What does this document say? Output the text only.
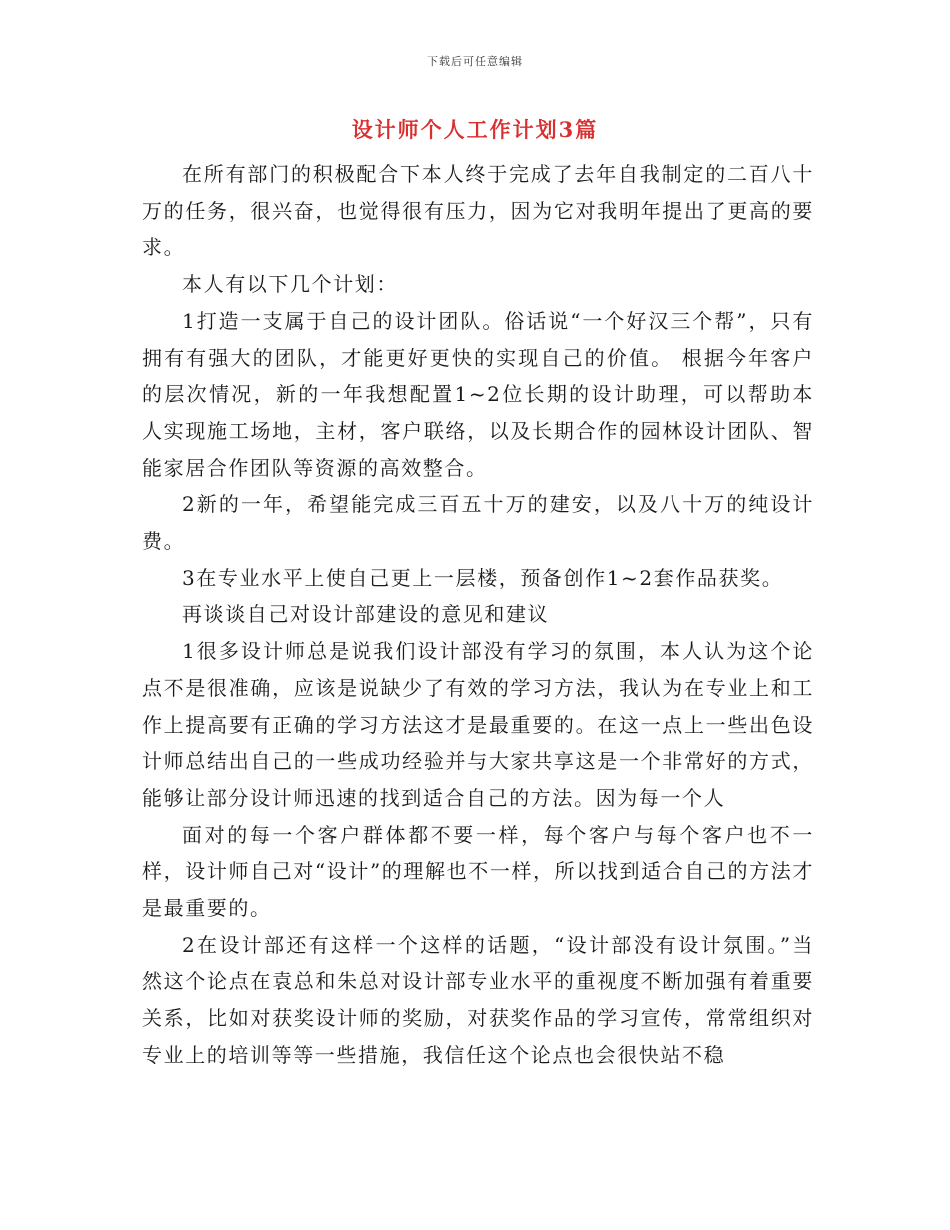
下载后可任意编辑
设计师个人工作计划3篇

在所有部门的积极配合下本人终于完成了去年自我制定的二百八十万的任务，很兴奋，也觉得很有压力，因为它对我明年提出了更高的要求。

本人有以下几个计划：

1打造一支属于自己的设计团队。俗话说“一个好汉三个帮”，只有拥有有强大的团队，才能更好更快的实现自己的价值。 根据今年客户的层次情况，新的一年我想配置1~2位长期的设计助理，可以帮助本人实现施工场地，主材，客户联络，以及长期合作的园林设计团队、智能家居合作团队等资源的高效整合。

2新的一年，希望能完成三百五十万的建安，以及八十万的纯设计费。

3在专业水平上使自己更上一层楼，预备创作1~2套作品获奖。

再谈谈自己对设计部建设的意见和建议

1很多设计师总是说我们设计部没有学习的氛围，本人认为这个论点不是很准确，应该是说缺少了有效的学习方法，我认为在专业上和工作上提高要有正确的学习方法这才是最重要的。在这一点上一些出色设计师总结出自己的一些成功经验并与大家共享这是一个非常好的方式，能够让部分设计师迅速的找到适合自己的方法。因为每一个人

面对的每一个客户群体都不要一样，每个客户与每个客户也不一样，设计师自己对“设计”的理解也不一样，所以找到适合自己的方法才是最重要的。

2在设计部还有这样一个这样的话题，“设计部没有设计氛围。”当然这个论点在袁总和朱总对设计部专业水平的重视度不断加强有着重要关系，比如对获奖设计师的奖励，对获奖作品的学习宣传，常常组织对专业上的培训等等一些措施，我信任这个论点也会很快站不稳
